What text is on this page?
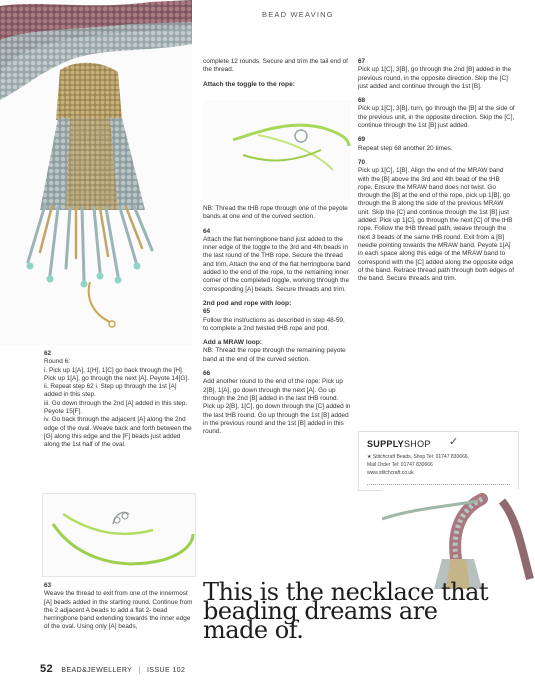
BEAD WEAVING

62
Round 6:
i. Pick up 1[A], 1[H], 1[C] go back through the [H]. Pick up 1[A], go through the next [A]. Peyote 14[G].
ii. Repeat step 62 i. Step up through the 1st [A] added in this step.
iii. Go down through the 2nd [A] added in this step. Peyote 15[F].
iv. Go back through the adjacent [A] along the 2nd edge of the oval. Weave back and forth between the [G] along this edge and the [F] beads just added along the 1st half of the oval.

63
Weave the thread to exit from one of the innermost [A] beads added in the starting round. Continue from the 2 adjacent A beads to add a flat 2- bead herringbone band extending towards the inner edge of the oval. Using only [A] beads,

complete 12 rounds. Secure and trim the tail end of the thread.

Attach the toggle to the rope:

NB: Thread the tHB rope through one of the peyote bands at one end of the curved section.

64
Attach the flat herringbone band just added to the inner edge of the toggle to the 3rd and 4th beads in the last round of the THB rope. Secure the thread and trim. Attach the end of the flat herringbone band added to the end of the rope, to the remaining inner corner of the completed toggle, working through the corresponding [A] beads. Secure threads and trim.

2nd pod and rope with loop:
65
Follow the instructions as described in step 48-59, to complete a 2nd twisted tHB rope and pod.

Add a MRAW loop:
NB: Thread the rope through the remaining peyote band at the end of the curved section.

66
Add another round to the end of the rope: Pick up 2[B], 1[A], go down through the next [A]. Go up through the 2nd [B] added in the last tHB round. Pick up 2[B], 1[C], go down through the [C] added in the last tHB round. Go up through the 1st [B] added in the previous round and the 1st [B] added in this round.

67
Pick up 1[C], 3[B], go through the 2nd [B] added in the previous round, in the opposite direction. Skip the [C] just added and continue through the 1st [B].

68
Pick up 1[C], 3[B], turn, go through the [B] at the side of the previous unit, in the opposite direction. Skip the [C], continue through the 1st [B] just added.

69
Repeat step 68 another 20 times.

70
Pick up 1[C], 1[B]. Align the end of the MRAW band with the [B] above the 3rd and 4th bead of the tHB rope. Ensure the MRAW band does not twist. Go through the [B] at the end of the rope, pick up 1[B], go through the B along the side of the previous MRAW unit. Skip the [C] and continue through the 1st [B] just added. Pick up 1[C], go through the next [C] of the tHB rope. Follow the tHB thread path, weave through the next 3 beads of the same tHB round. Exit from a [B] needle pointing towards the MRAW band. Peyote 1[A] in each space along this edge of the MRAW band to correspond with the [C] added along the opposite edge of the band. Retrace thread path through both edges of the band. Secure threads and trim.

SUPPLYSHOP ✓
★ Stitchcraft Beads, Shop Tel: 01747 830666,
Mail Order Tel: 01747 830666
www.stitchcraft.co.uk
This is the necklace that beading dreams are made of.
52 BEAD&JEWELLERY | ISSUE 102
